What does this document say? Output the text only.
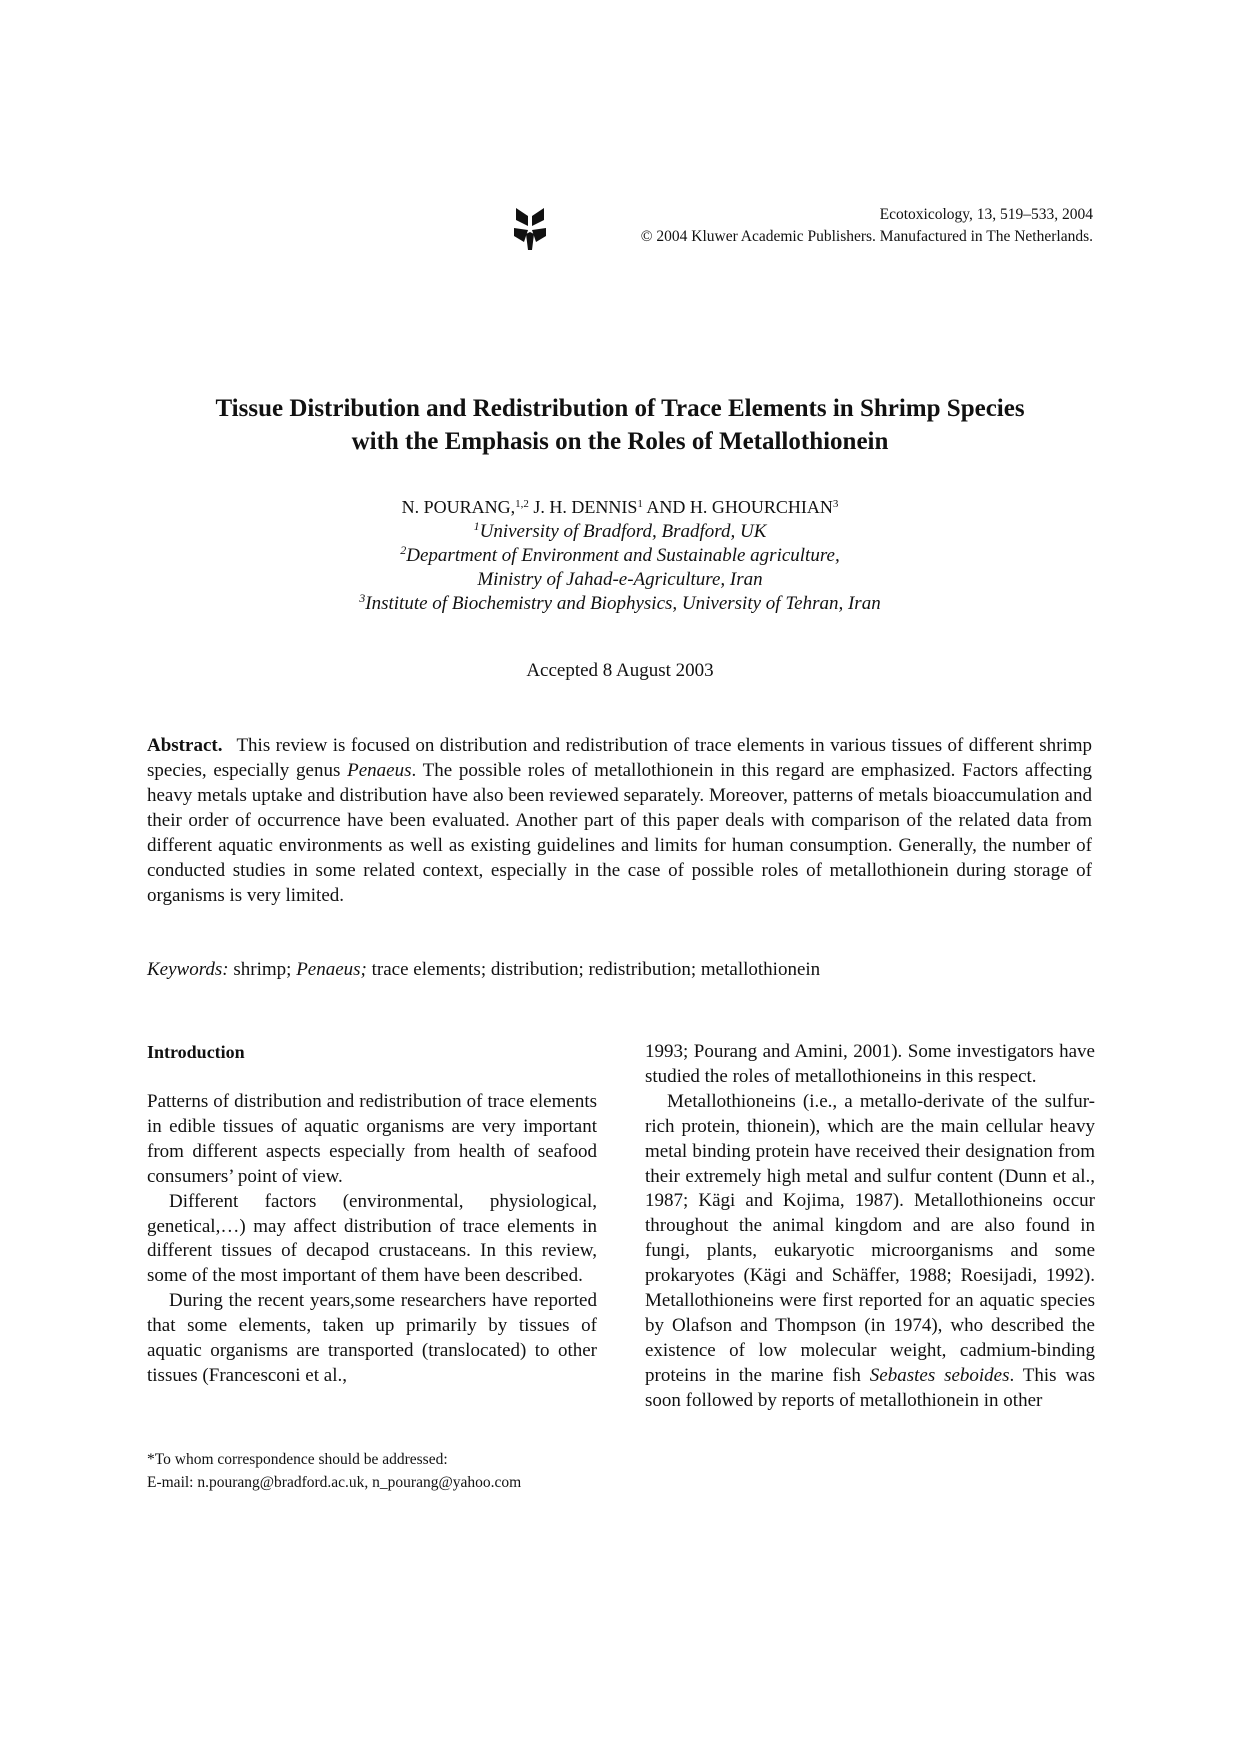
Ecotoxicology, 13, 519–533, 2004
© 2004 Kluwer Academic Publishers. Manufactured in The Netherlands.
Tissue Distribution and Redistribution of Trace Elements in Shrimp Species
with the Emphasis on the Roles of Metallothionein
N. POURANG,$^{1,2}$ J. H. DENNIS$^1$ AND H. GHOURCHIAN$^3$
$^1$University of Bradford, Bradford, UK
$^2$Department of Environment and Sustainable agriculture,
Ministry of Jahad-e-Agriculture, Iran
$^3$Institute of Biochemistry and Biophysics, University of Tehran, Iran
Accepted 8 August 2003
Abstract. This review is focused on distribution and redistribution of trace elements in various tissues of different shrimp species, especially genus Penaeus. The possible roles of metallothionein in this regard are emphasized. Factors affecting heavy metals uptake and distribution have also been reviewed separately. Moreover, patterns of metals bioaccumulation and their order of occurrence have been evaluated. Another part of this paper deals with comparison of the related data from different aquatic environments as well as existing guidelines and limits for human consumption. Generally, the number of conducted studies in some related context, especially in the case of possible roles of metallothionein during storage of organisms is very limited.
Keywords: shrimp; Penaeus; trace elements; distribution; redistribution; metallothionein
Introduction

Patterns of distribution and redistribution of trace elements in edible tissues of aquatic organisms are very important from different aspects especially from health of seafood consumers’ point of view.

Different factors (environmental, physiological, genetical,…) may affect distribution of trace elements in different tissues of decapod crustaceans. In this review, some of the most important of them have been described.

During the recent years,some researchers have reported that some elements, taken up primarily by tissues of aquatic organisms are transported (translocated) to other tissues (Francesconi et al.,

1993; Pourang and Amini, 2001). Some investigators have studied the roles of metallothioneins in this respect.

Metallothioneins (i.e., a metallo-derivate of the sulfur-rich protein, thionein), which are the main cellular heavy metal binding protein have received their designation from their extremely high metal and sulfur content (Dunn et al., 1987; Kägi and Kojima, 1987). Metallothioneins occur throughout the animal kingdom and are also found in fungi, plants, eukaryotic microorganisms and some prokaryotes (Kägi and Schäffer, 1988; Roesijadi, 1992). Metallothioneins were first reported for an aquatic species by Olafson and Thompson (in 1974), who described the existence of low molecular weight, cadmium-binding proteins in the marine fish Sebastes seboides. This was soon followed by reports of metallothionein in other

*To whom correspondence should be addressed:
E-mail: n.pourang@bradford.ac.uk, n_pourang@yahoo.com
